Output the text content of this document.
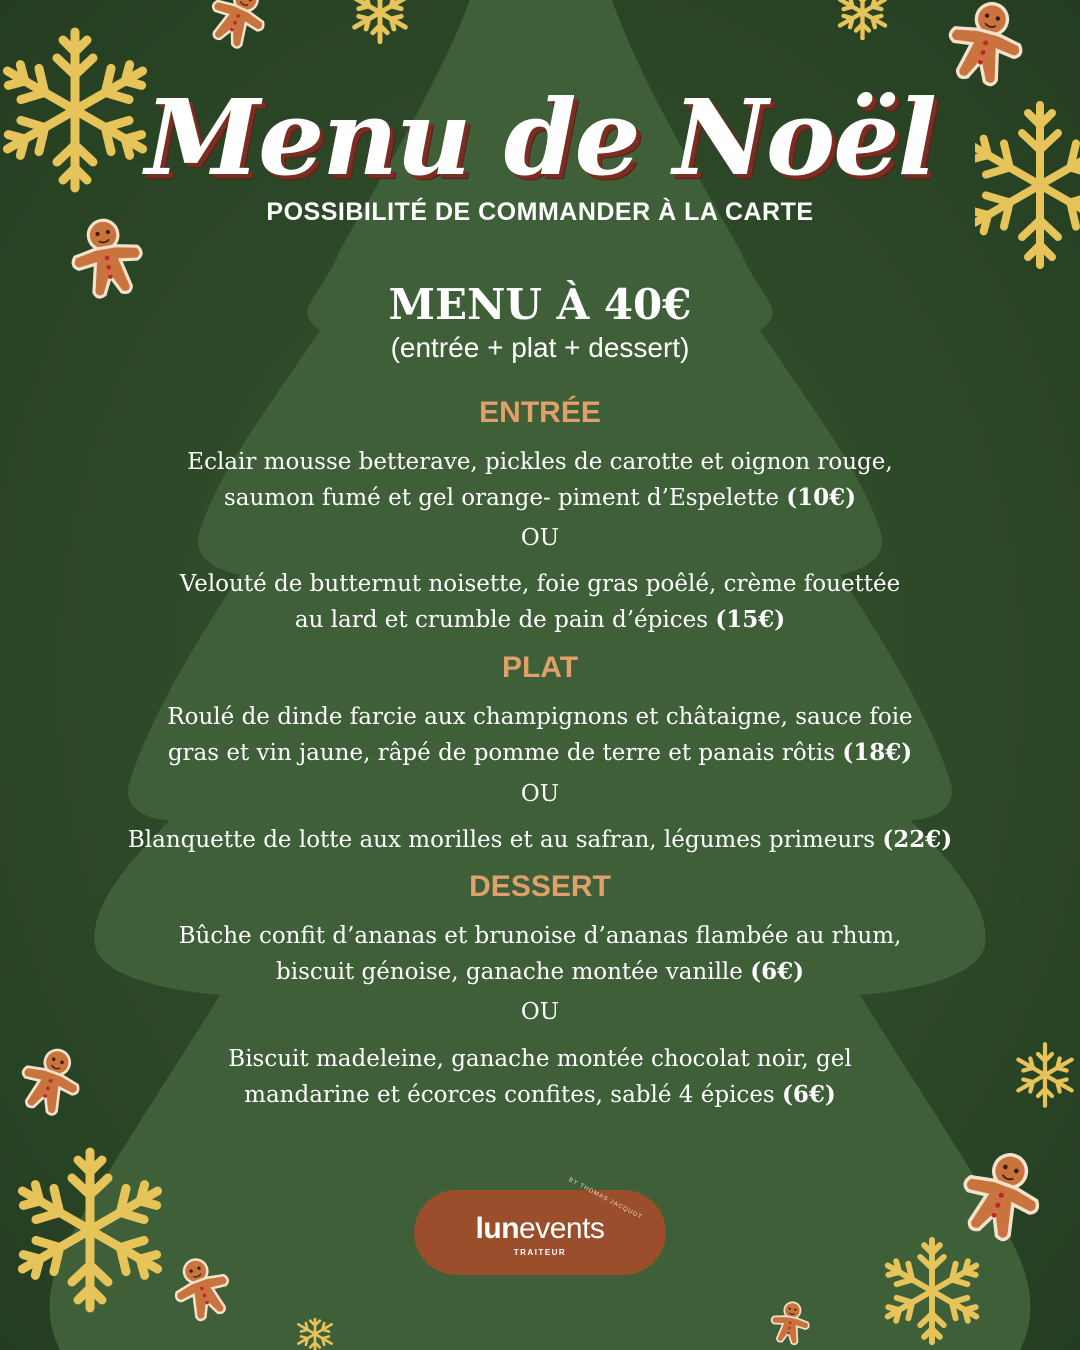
Menu de Noël
POSSIBILITÉ DE COMMANDER À LA CARTE
MENU À 40€
(entrée + plat + dessert)
ENTRÉE
Eclair mousse betterave, pickles de carotte et oignon rouge,
saumon fumé et gel orange- piment d’Espelette (10€)
OU
Velouté de butternut noisette, foie gras poêlé, crème fouettée
au lard et crumble de pain d’épices (15€)
PLAT
Roulé de dinde farcie aux champignons et châtaigne, sauce foie
gras et vin jaune, râpé de pomme de terre et panais rôtis (18€)
OU
Blanquette de lotte aux morilles et au safran, légumes primeurs (22€)
DESSERT
Bûche confit d’ananas et brunoise d’ananas flambée au rhum,
biscuit génoise, ganache montée vanille (6€)
OU
Biscuit madeleine, ganache montée chocolat noir, gel
mandarine et écorces confites, sablé 4 épices (6€)
BY THOMAS JACQUOT
lunevents
TRAITEUR
